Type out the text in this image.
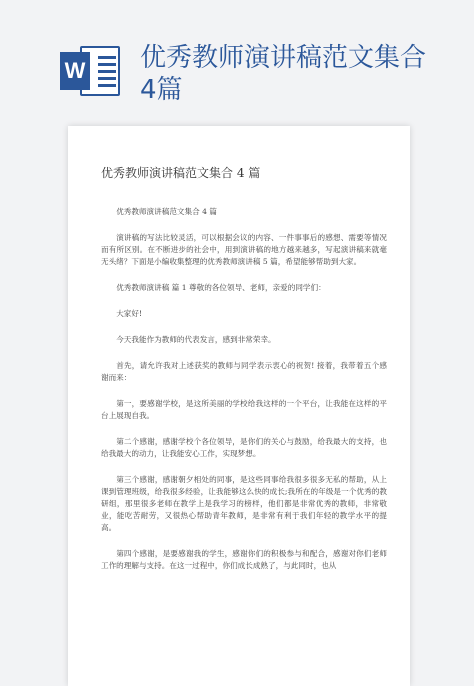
W 优秀教师演讲稿范文集合4篇
优秀教师演讲稿范文集合 4 篇

优秀教师演讲稿范文集合 4 篇

演讲稿的写法比较灵活，可以根据会议的内容、一件事事后的感想、需要等情况而有所区别。在不断进步的社会中，用到演讲稿的地方越来越多，写起演讲稿来就毫无头绪？下面是小编收集整理的优秀教师演讲稿 5 篇，希望能够帮助到大家。

优秀教师演讲稿 篇 1 尊敬的各位领导、老师，亲爱的同学们：

大家好!

今天我能作为教师的代表发言，感到非常荣幸。

首先，请允许我对上述获奖的教师与同学表示衷心的祝贺! 接着，我带着五个感谢而来：

第一，要感谢学校，是这所美丽的学校给我这样的一个平台，让我能在这样的平台上展现自我。

第二个感谢，感谢学校个各位领导，是你们的关心与鼓励，给我最大的支持，也给我最大的动力，让我能安心工作，实现梦想。

第三个感谢，感谢朝夕相处的同事，是这些同事给我很多很多无私的帮助，从上课到管理班级，给我很多经验，让我能够这么快的成长;我所在的年级是一个优秀的教研组，那里很多老师在教学上是我学习的榜样，他们都是非常优秀的教师，非常敬业，能吃苦耐劳，又很热心帮助青年教师，是非常有利于我们年轻的教学水平的提高。

第四个感谢，是要感谢我的学生，感谢你们的积极参与和配合，感谢对你们老师工作的理解与支持。在这一过程中，你们成长成熟了，与此同时，也从
